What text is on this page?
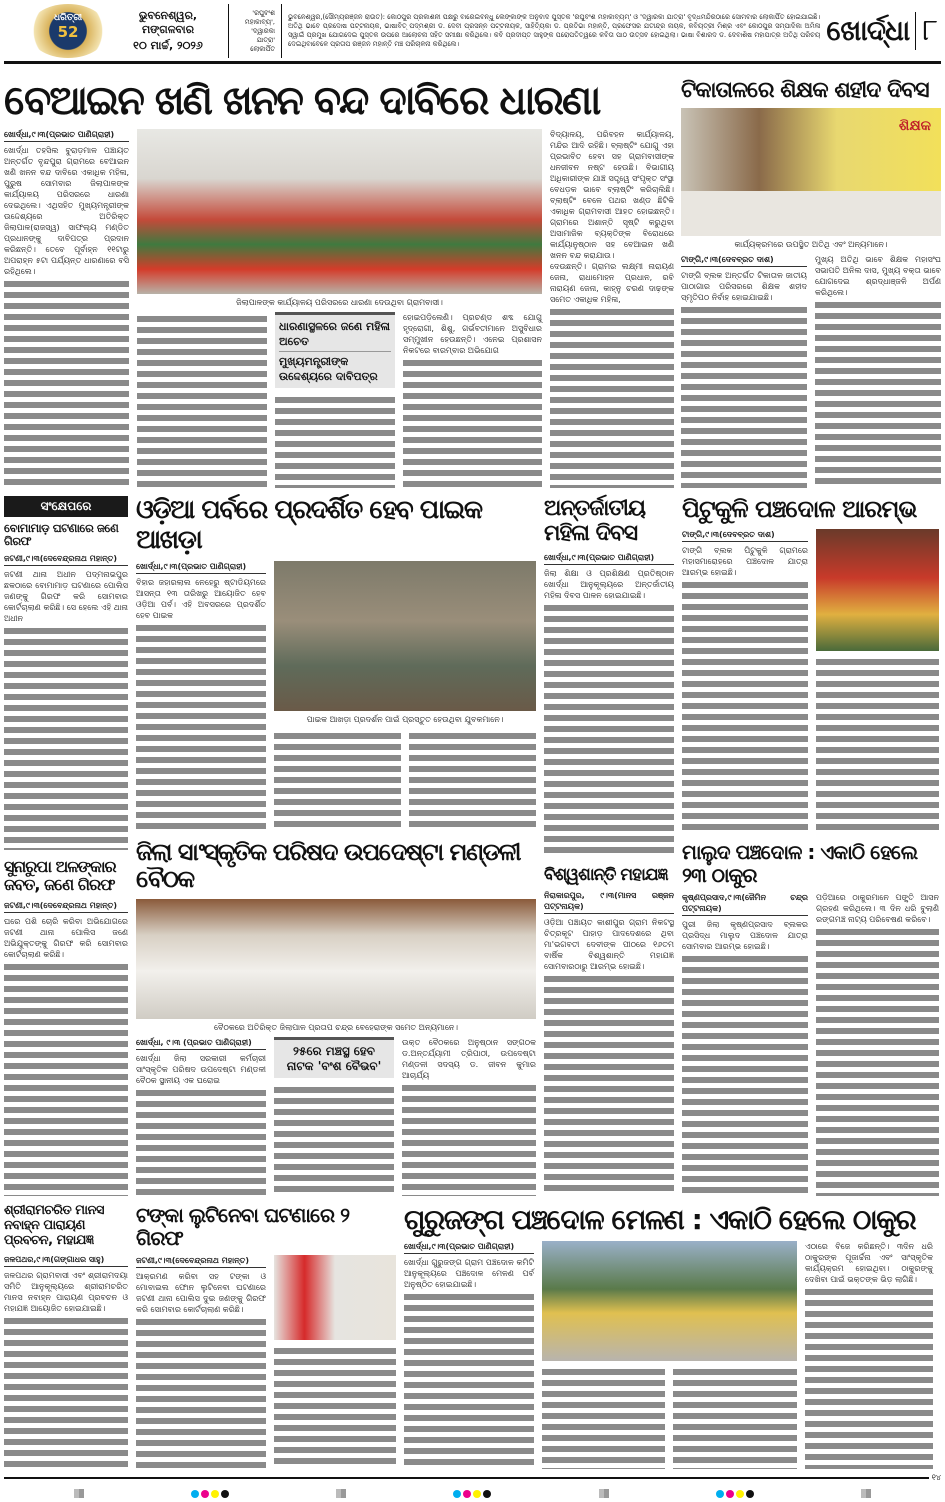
ଧରିତ୍ରୀ
52
ଭୁବନେଶ୍ୱର, ମଙ୍ଗଳବାର
୧୦ ମାର୍ଚ୍ଚ, ୨୦୨୬
'ରଘୁବଂଶ ମହାକାବ୍ୟ', 'ଦ୍ୱାରକା ଯାତ୍ରା' ଲୋକାର୍ପିତ
ଭୁବନେଶ୍ୱର,(ସୌମ୍ୟରଞ୍ଜନ ରାଉତ): କୋଠପୁର ପ୍ରକାଶନୀ ପକ୍ଷରୁ ବାରେଇବନ୍ଧୁ ଲେଙ୍କାଙ୍କ ଅନୁବାଦ ପୁସ୍ତକ 'ରଘୁବଂଶ ମହାକାବ୍ୟମ୍' ଓ 'ଦ୍ୱାରକା ଯାତ୍ରା' ବୃଦ୍ଧମନ୍ଦିରଠାରେ ସୋମବାର ଲୋକାର୍ପିତ ହୋଇଯାଇଛି। ଅତିଥି ଭାବେ ପ୍ରଦୋଷ ପଟ୍ଟନାୟକ, ଭାଷାବିତ୍ ପଦ୍ମଶ୍ରୀ ଡ. ଦେବୀ ପ୍ରସନ୍ନ ପଟ୍ଟନାୟକ, ସାହିତ୍ୟିକା ଡ. ପ୍ରତିଭା ମହାନ୍ତି, ପ୍ରଫେସର ଯତୀନ୍ଦ୍ର ନାୟକ, କବିୟତ୍ରୀ ମିଶ୍ର ଏବଂ କୋଠପୁର ସମ୍ପାଦିକା ଅମିଳା ସ୍ୱାଇଁ ପ୍ରମୁଖ ଯୋଗଦେଇ ପୁସ୍ତକ ଉପରେ ଆଲୋଚନା ସହିତ ସମୀକ୍ଷା କରିଥିଲେ। କବି ପ୍ରଦୀପ୍ତ ସାହୁଙ୍କ ପରୋପତିତ୍ୱରେ କବିତା ପାଠ ଉତ୍ସବ ହୋଇଥିଲା। ଭାଷା ବିଶାରଦ ଡ. ଦେବାଶିଷ ମହାପାତ୍ର ଅତିଥି ପରିଚୟ ଦେଇଥିବାବେଳେ ପ୍ରତାପ ରଞ୍ଜନ ମହାନ୍ତି ମଞ୍ଚ ପରିଚାଳନା କରିଥିଲେ।	ଖୋର୍ଦ୍ଧା ୮
ବେଆଇନ ଖଣି ଖନନ ବନ୍ଦ ଦାବିରେ ଧାରଣା
ଖୋର୍ଦ୍ଧା,୯।୩(ପ୍ରଭାତ ପାଣିଗ୍ରାହୀ)
ଖୋର୍ଦ୍ଧା ତହସିଲ ବୁରାଡ଼ମାଳ ପଞ୍ଚାୟତ ଅନ୍ତର୍ଗତ ବୃନ୍ଦପୁରା ଗ୍ରାମରେ ବେଆଇନ ଖଣି ଖନନ ବନ୍ଦ ଦାବିରେ ଏକାଧିକ ମହିଳା, ପୁରୁଷ ସୋମବାର ଜିଲାପାଳଙ୍କ କାର୍ଯ୍ୟାଳୟ ପରିସରରେ ଧାରଣା ଦେଇଥିଲେ। ଏଥିସହିତ ମୁଖ୍ୟମନ୍ତ୍ରୀଙ୍କ ଉଦ୍ଦେଶ୍ୟରେ ଅତିରିକ୍ତ ଜିଲାପାଳ(ରାଜସ୍ୱ) ସାଫଲ୍ୟ ମଣ୍ଡିତ ପ୍ରଧାନଙ୍କୁ ଦାବିପତ୍ର ପ୍ରଦାନ କରିଛନ୍ତି। ତେବେ ପୂର୍ବାହ୍ନ ୧୧ଟାରୁ ଅପରାହ୍ନ ୫ଟା ପର୍ଯ୍ୟନ୍ତ ଧାରଣାରେ ବସି ରହିଥିଲେ।
ଜିଲାପାଳଙ୍କ କାର୍ଯ୍ୟାଳୟ ପରିସରରେ ଧାରଣା ଦେଉଥିବା ଗ୍ରାମବାସୀ।
ଧାରଣାସ୍ଥଳରେ ଜଣେ ମହିଳା ଅଚେତ
ମୁଖ୍ୟମନ୍ତ୍ରୀଙ୍କ ଉଦ୍ଦେଶ୍ୟରେ ଦାବିପତ୍ର
ହୋଇପଡ଼ିଲେଣି। ପ୍ରଚଣ୍ଡ ଶବ୍ଦ ଯୋଗୁ ହୃଦ୍‌ରୋଗୀ, ଶିଶୁ, ଗର୍ଭବତୀମାନେ ଅସୁବିଧାର ସମ୍ମୁଖୀନ ହେଉଛନ୍ତି। ଏନେଇ ପ୍ରଶାସନ ନିକଟରେ ବାରମ୍ବାର ଅଭିଯୋଗ
ବିଦ୍ୟାଳୟ, ପରିବହନ କାର୍ଯ୍ୟାଳୟ, ମନ୍ଦିର ଆଦି ରହିଛି। ବ୍ଲାଷ୍ଟିଂ ଯୋଗୁ ଏହା ପ୍ରଭାବିତ ହେବା ସହ ଗ୍ରାମବାସୀଙ୍କ ଧନଜୀବନ ନଷ୍ଟ ହେଉଛି। ବିଭାଗୀୟ ଅଧିକାରୀଙ୍କ ଯାଞ୍ଚ ସତ୍ତ୍ୱେ ସଂପୃକ୍ତ ସଂସ୍ଥା ବେଧଡ଼କ ଭାବେ ବ୍ଲାଷ୍ଟିଂ କରିଚାଲିଛି। ବ୍ଲାଷ୍ଟିଂ ବେଳେ ପଥର ଖଣ୍ଡ ଛିଟିକି ଏକାଧିକ ଗ୍ରାମବାସୀ ଆହତ ହୋଇଛନ୍ତି। ଗ୍ରାମରେ ଅଶାନ୍ତି ସୃଷ୍ଟି କରୁଥିବା ଅସାମାଜିକ ବ୍ୟକ୍ତିଙ୍କ ବିରୋଧରେ କାର୍ଯ୍ୟାନୁଷ୍ଠାନ ସହ ବେଆଇନ ଖଣି ଖନନ ବନ୍ଦ କରାଯାଉ।
ଦେଉଛନ୍ତି। ଗ୍ରାମର ଲକ୍ଷ୍ମୀ ନାରାୟଣ ଜେନା, ରାଧାମୋହନ ପ୍ରଧାନ, ରବି ନାରାୟଣ ଜେନା, କାହ୍ନୁ ଚରଣ ଦାଢ଼ଙ୍କ ସମେତ ଏକାଧିକ ମହିଳା,
ଟିକାତାଳରେ ଶିକ୍ଷକ ଶହୀଦ ଦିବସ
ଶିକ୍ଷକ
କାର୍ଯ୍ୟକ୍ରମରେ ଉପସ୍ଥିତ ଅତିଥି ଏବଂ ଅନ୍ୟମାନେ।
ଟାଙ୍ଗି,୯।୩(ଦେବବ୍ରତ ଦାଶ)
ଟାଙ୍ଗି ବ୍ଲକ ଅନ୍ତର୍ଗତ ଟିକାତାଳ ଜାତୀୟ ପାଠାଗାର ପରିସରରେ ଶିକ୍ଷକ ଶହୀଦ ସ୍ମୃତିପଠ ନିର୍ବାହ ହୋଇଯାଇଛି।
ମୁଖ୍ୟ ଅତିଥି ଭାବେ ଶିକ୍ଷକ ମହାସଂଘ ସଭାପତି ଅନିଲ ଦାସ, ମୁଖ୍ୟ ବକ୍ତା ଭାବେ ଯୋଗଦେଇ ଶ୍ରଦ୍ଧାଞ୍ଜଳି ଅର୍ପଣ କରିଥିଲେ।
ସଂକ୍ଷେପରେ
ବୋମାମାଡ଼ ଘଟଣାରେ ଜଣେ ଗିରଫ
ଜଟଣୀ,୯।୩(ଦେବେନ୍ଦ୍ରନାଥ ମହାନ୍ତ)
ଜଟଣୀ ଥାନା ଅଧୀନ ପଦ୍ମନାଭପୁର ଛକଠାରେ ବୋମାମାଡ଼ ଘଟଣାରେ ପୋଲିସ ଜଣଙ୍କୁ ଗିରଫ କରି ସୋମବାର କୋର୍ଟଚାଲାଣ କରିଛି। ସେ ହେଲେ ଏହି ଥାନା ଅଧୀନ
ସୁନାରୁପା ଅଳଙ୍କାର ଜବତ, ଜଣେ ଗିରଫ
ଜଟଣୀ,୯।୩(ଦେବେନ୍ଦ୍ରନାଥ ମହାନ୍ତ)
ଘରେ ପଶି ଚୋରି କରିବା ଅଭିଯୋଗରେ ଜଟଣୀ ଥାନା ପୋଲିସ ଜଣେ ଅଭିଯୁକ୍ତଙ୍କୁ ଗିରଫ କରି ସୋମବାର କୋର୍ଟଚାଲାଣ କରିଛି।
ଓଡ଼ିଆ ପର୍ବରେ ପ୍ରଦର୍ଶିତ ହେବ ପାଇକ ଆଖଡ଼ା
ଖୋର୍ଦ୍ଧା,୯।୩(ପ୍ରଭାତ ପାଣିଗ୍ରାହୀ)
ବିହାର ଜହାରଲାଲ ନେହେରୁ ଷ୍ଟାଡିୟମରେ ଆସନ୍ତା ୧୩ ତାରିଖରୁ ଆୟୋଜିତ ହେବ ଓଡ଼ିଆ ପର୍ବ। ଏହି ଅବସରରେ ପ୍ରଦର୍ଶିତ ହେବ ପାଇକ
ପାଇକ ଆଖଡ଼ା ପ୍ରଦର୍ଶନ ପାଇଁ ପ୍ରସ୍ତୁତ ହେଉଥିବା ଯୁବକମାନେ।
ଜିଲା ସାଂସ୍କୃତିକ ପରିଷଦ ଉପଦେଷ୍ଟା ମଣ୍ଡଳୀ ବୈଠକ
ବୈଠକରେ ଅତିରିକ୍ତ ଜିଲାପାଳ ପ୍ରତାପ ଚନ୍ଦ୍ର ବେହେରାଙ୍କ ସମେତ ଅନ୍ୟମାନେ।
ଖୋର୍ଦ୍ଧା, ୯।୩ (ପ୍ରଭାତ ପାଣିଗ୍ରାହୀ)
ଖୋର୍ଦ୍ଧା ଜିଲା ସରକାରୀ କର୍ମଚାରୀ ସାଂସ୍କୃତିକ ପରିଷଦ ଉପଦେଷ୍ଟା ମଣ୍ଡଳୀ ବୈଠକ ସ୍ଥାନୀୟ ଏକ ଘରୋଇ
୨୫ରେ ମଞ୍ଚସ୍ଥ ହେବ ନାଟକ 'ବଂଶ ବୈଭବ'
ଉକ୍ତ ବୈଠକରେ ଅନୁଷ୍ଠାନ ସଙ୍ଗଠକ ଡ.ଅନ୍ତର୍ଯ୍ୟାମୀ ତ୍ରିପାଠୀ, ଉପଦେଷ୍ଟା ମଣ୍ଡଳୀ ସଦସ୍ୟ ଡ. ଜୀବନ କୁମାର ଆଚାର୍ଯ୍ୟ
ଅନ୍ତର୍ଜାତୀୟ ମହିଳା ଦିବସ
ଖୋର୍ଦ୍ଧା,୯।୩(ପ୍ରଭାତ ପାଣିଗ୍ରାହୀ)
ଜିଲା ଶିକ୍ଷା ଓ ପ୍ରଶିକ୍ଷଣ ପ୍ରତିଷ୍ଠାନ ଖୋର୍ଦ୍ଧା ଆନୁକୂଲ୍ୟରେ ଅନ୍ତର୍ଜାତୀୟ ମହିଳା ଦିବସ ପାଳନ ହୋଇଯାଇଛି।
ବିଶ୍ୱଶାନ୍ତି ମହାଯଜ୍ଞ
ନିରାକାରପୁର, ୯।୩(ମାନସ ରଞ୍ଜନ ପଟ୍ଟନାୟକ)
ଓଡ଼ିଆ ପଞ୍ଚାୟତ କାଶୀପୁର ଗ୍ରାମ ନିକଟସ୍ଥ ଚିତ୍ରକୂଟ ପାହାଡ଼ ପାଦଦେଶରେ ଥିବା ମା'ଭଗବତୀ ଦେବୀଙ୍କ ପୀଠରେ ୧୬ତମ ବାର୍ଷିକ ବିଶ୍ୱଶାନ୍ତି ମହାଯଜ୍ଞ ସୋମବାରଠାରୁ ଆରମ୍ଭ ହୋଇଛି।
ପିଟୁକୁଳି ପଞ୍ଚଦୋଳ ଆରମ୍ଭ
ଟାଙ୍ଗି,୯।୩(ଦେବବ୍ରତ ଦାଶ)
ଟାଙ୍ଗି ବ୍ଲକ ପିଟୁକୁଳି ଗ୍ରାମରେ ମହାସମାରୋହରେ ପଞ୍ଚଦୋଳ ଯାତ୍ରା ଆରମ୍ଭ ହୋଇଛି।
ମାଲୁଦ ପଞ୍ଚଦୋଳ : ଏକାଠି ହେଲେ ୨୩ ଠାକୁର
କୃଷ୍ଣପ୍ରସାଦ,୯।୩(ଜୈମିନ ଚନ୍ଦ୍ର ପଟ୍ଟନାୟକ)
ପୁରୀ ଜିଲା କୃଷ୍ଣପ୍ରସାଦ ବ୍ଲକର ପ୍ରସିଦ୍ଧ ମାଲୁଦ ପଞ୍ଚଦୋଳ ଯାତ୍ରା ସୋମବାର ଆରମ୍ଭ ହୋଇଛି।
ପଡ଼ିଆରେ ଠାକୁରମାନେ ପଙ୍କ୍ତି ଆସନ ଗ୍ରହଣ କରିଥିଲେ। ୩ ଦିନ ଧରି ବୁଲାଣି ରଙ୍ଗମଞ୍ଚ ନାଟ୍ୟ ପରିବେଷଣ କରିବେ।
ଶ୍ରୀରାମଚରିତ ମାନସ ନବାହ୍ନ ପାରାୟଣ ପ୍ରବଚନ, ମହାଯଜ୍ଞ
ଜଳପଥର,୯।୩(ଗଙ୍ଗାଧର ସାହୁ)
ଜଳପଥର ଗ୍ରାମବାସୀ ଏବଂ ଶ୍ରୀରାମଦୟା ସମିତି ଆନୁକୂଲ୍ୟରେ ଶ୍ରୀରାମଚରିତ ମାନସ ନବାହ୍ନ ପାରାୟଣ ପ୍ରବଚନ ଓ ମହାଯଜ୍ଞ ଆୟୋଜିତ ହୋଇଯାଇଛି।
ଟଙ୍କା ଲୁଟିନେବା ଘଟଣାରେ ୨ ଗିରଫ
ଜଟଣୀ,୯।୩(ଦେବେନ୍ଦ୍ରନାଥ ମହାନ୍ତ)
ଆକ୍ରମଣ କରିବା ସହ ଟଙ୍କା ଓ ମୋବାଇଲ ଫୋନ ଲୁଟିନେବା ଘଟଣାରେ ଜଟଣୀ ଥାନା ପୋଲିସ ଦୁଇ ଜଣଙ୍କୁ ଗିରଫ କରି ସୋମବାର କୋର୍ଟଚାଲାଣ କରିଛି।
ଗୁରୁଜଙ୍ଗ ପଞ୍ଚଦୋଳ ମେଳଣ : ଏକାଠି ହେଲେ ଠାକୁର
ଖୋର୍ଦ୍ଧା,୯।୩(ପ୍ରଭାତ ପାଣିଗ୍ରାହୀ)
ଖୋର୍ଦ୍ଧା ଗୁରୁଜଙ୍ଗ ଗ୍ରାମ ପଞ୍ଚଦୋଳ କମିଟି ଆନୁକୂଲ୍ୟରେ ପଞ୍ଚଦୋଳ ମେଳଣ ପର୍ବ ଅନୁଷ୍ଠିତ ହୋଇଯାଇଛି।
ଏଠାରେ ବିଜେ କରିଛନ୍ତି। ୩ଦିନ ଧରି ଠାକୁରଙ୍କ ପୂଜାର୍ଚ୍ଚନା ଏବଂ ସାଂସ୍କୃତିକ କାର୍ଯ୍ୟକ୍ରମ ହୋଇଥିବା। ଠାକୁରଙ୍କୁ ଦେଖିବା ପାଇଁ ଭକ୍ତଙ୍କ ଭିଡ଼ ଲାଗିଛି।
୧୪
